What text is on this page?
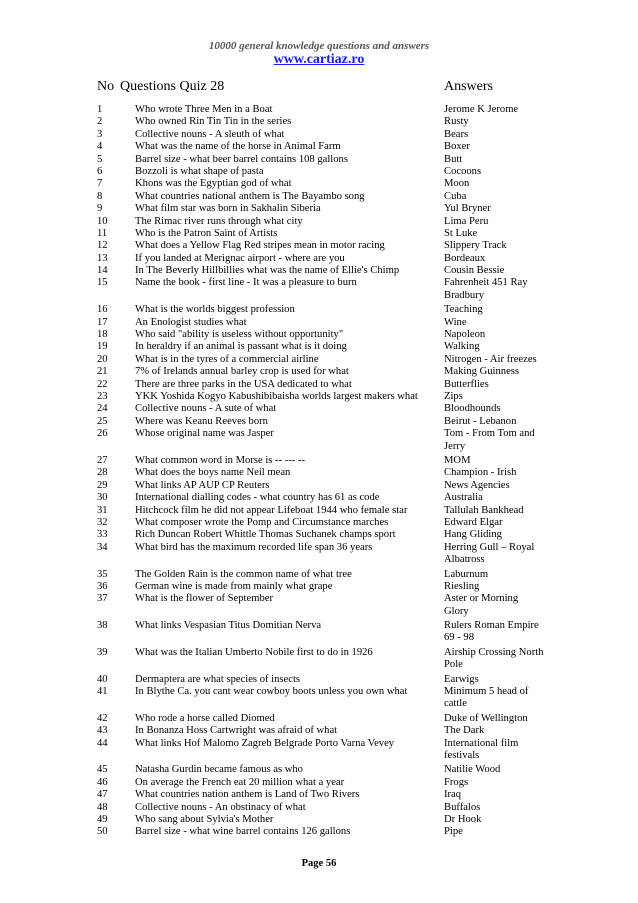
10000 general knowledge questions and answers
www.cartiaz.ro
No Questions Quiz 28	Answers
1	Who wrote Three Men in a Boat	Jerome K Jerome
2	Who owned Rin Tin Tin in the series	Rusty
3	Collective nouns - A sleuth of what	Bears
4	What was the name of the horse in Animal Farm	Boxer
5	Barrel size - what beer barrel contains 108 gallons	Butt
6	Bozzoli is what shape of pasta	Cocoons
7	Khons was the Egyptian god of what	Moon
8	What countries national anthem is The Bayambo song	Cuba
9	What film star was born in Sakhalin Siberia	Yul Bryner
10	The Rimac river runs through what city	Lima Peru
11	Who is the Patron Saint of Artists	St Luke
12	What does a Yellow Flag Red stripes mean in motor racing	Slippery Track
13	If you landed at Merignac airport - where are you	Bordeaux
14	In The Beverly Hillbillies what was the name of Ellie's Chimp	Cousin Bessie
15	Name the book - first line - It was a pleasure to burn	Fahrenheit 451 Ray Bradbury
16	What is the worlds biggest profession	Teaching
17	An Enologist studies what	Wine
18	Who said "ability is useless without opportunity"	Napoleon
19	In heraldry if an animal is passant what is it doing	Walking
20	What is in the tyres of a commercial airline	Nitrogen - Air freezes
21	7% of Irelands annual barley crop is used for what	Making Guinness
22	There are three parks in the USA dedicated to what	Butterflies
23	YKK Yoshida Kogyo Kabushibibaisha worlds largest makers what	Zips
24	Collective nouns - A sute of what	Bloodhounds
25	Where was Keanu Reeves born	Beirut - Lebanon
26	Whose original name was Jasper	Tom - From Tom and Jerry
27	What common word in Morse is -- --- --	MOM
28	What does the boys name Neil mean	Champion - Irish
29	What links AP AUP CP Reuters	News Agencies
30	International dialling codes - what country has 61 as code	Australia
31	Hitchcock film he did not appear Lifeboat 1944 who female star	Tallulah Bankhead
32	What composer wrote the Pomp and Circumstance marches	Edward Elgar
33	Rich Duncan Robert Whittle Thomas Suchanek champs sport	Hang Gliding
34	What bird has the maximum recorded life span 36 years	Herring Gull – Royal Albatross
35	The Golden Rain is the common name of what tree	Laburnum
36	German wine is made from mainly what grape	Riesling
37	What is the flower of September	Aster or Morning Glory
38	What links Vespasian Titus Domitian Nerva	Rulers Roman Empire 69 - 98
39	What was the Italian Umberto Nobile first to do in 1926	Airship Crossing North Pole
40	Dermaptera are what species of insects	Earwigs
41	In Blythe Ca. you cant wear cowboy boots unless you own what	Minimum 5 head of cattle
42	Who rode a horse called Diomed	Duke of Wellington
43	In Bonanza Hoss Cartwright was afraid of what	The Dark
44	What links Hof Malomo Zagreb Belgrade Porto Varna Vevey	International film festivals
45	Natasha Gurdin became famous as who	Natilie Wood
46	On average the French eat 20 million what a year	Frogs
47	What countries nation anthem is Land of Two Rivers	Iraq
48	Collective nouns - An obstinacy of what	Buffalos
49	Who sang about Sylvia's Mother	Dr Hook
50	Barrel size - what wine barrel contains 126 gallons	Pipe
Page 56
